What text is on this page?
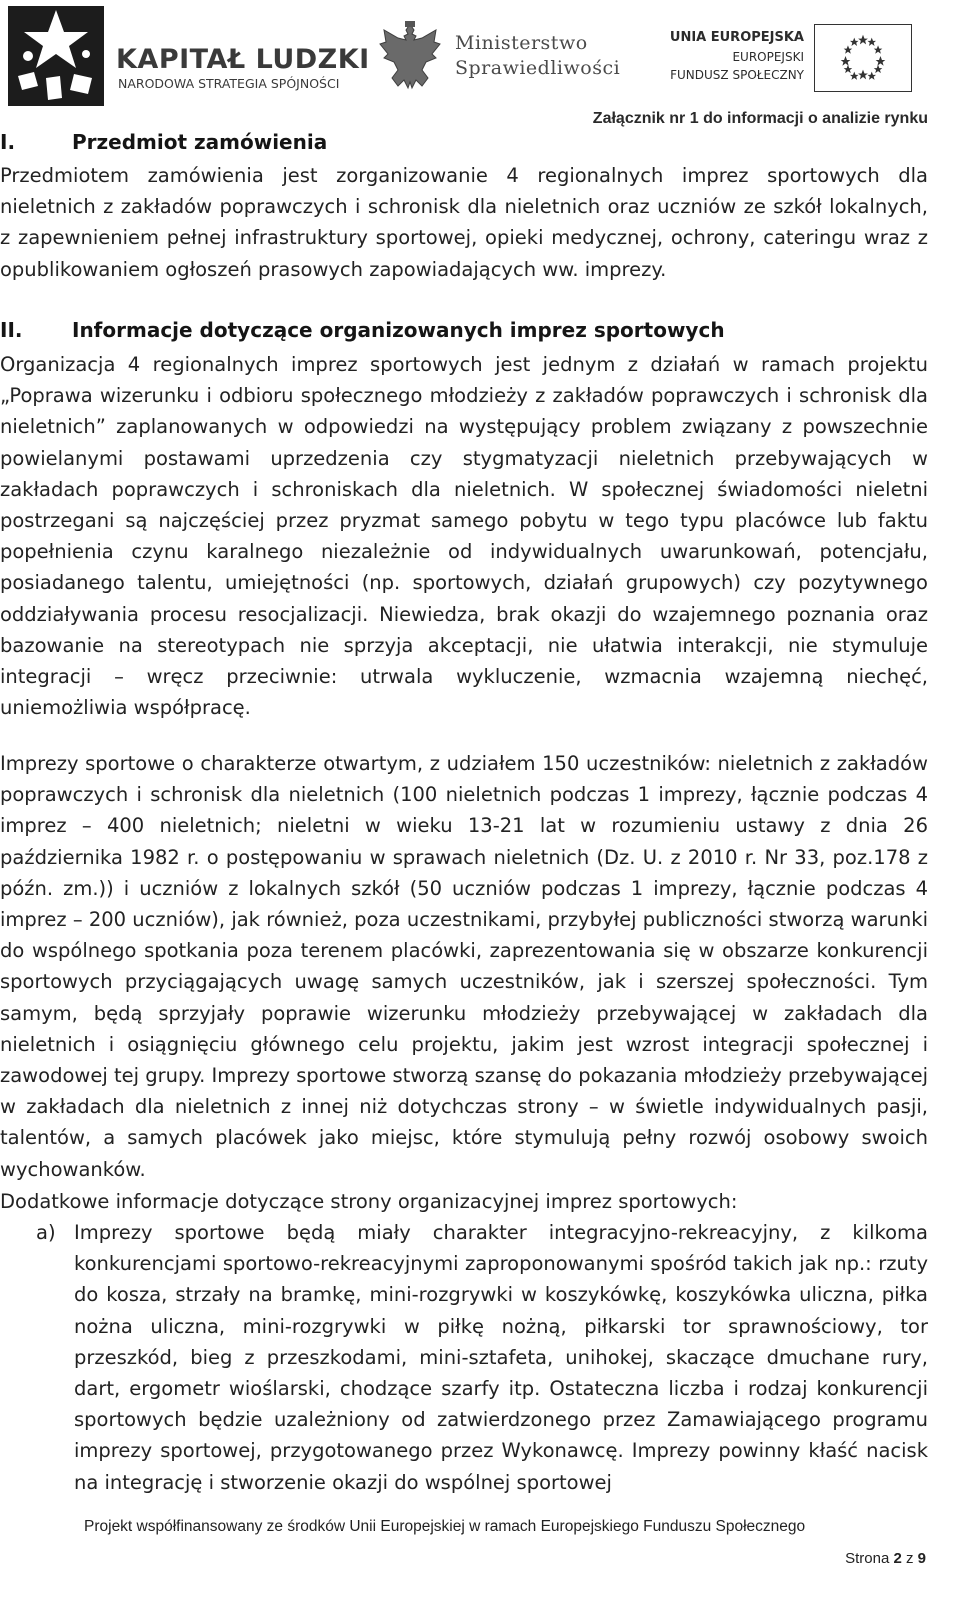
KAPITAŁ LUDZKI
NARODOWA STRATEGIA SPÓJNOŚCI
Ministerstwo
Sprawiedliwości
UNIA EUROPEJSKA
EUROPEJSKI
FUNDUSZ SPOŁECZNY
Załącznik nr 1 do informacji o analizie rynku
I.	Przedmiot zamówienia

Przedmiotem zamówienia jest zorganizowanie 4 regionalnych imprez sportowych dla nieletnich z zakładów poprawczych i schronisk dla nieletnich oraz uczniów ze szkół lokalnych, z zapewnieniem pełnej infrastruktury sportowej, opieki medycznej, ochrony, cateringu wraz z opublikowaniem ogłoszeń prasowych zapowiadających ww. imprezy.

II. Informacje dotyczące organizowanych imprez sportowych

Organizacja 4 regionalnych imprez sportowych jest jednym z działań w ramach projektu „Poprawa wizerunku i odbioru społecznego młodzieży z zakładów poprawczych i schronisk dla nieletnich” zaplanowanych w odpowiedzi na występujący problem związany z powszechnie powielanymi postawami uprzedzenia czy stygmatyzacji nieletnich przebywających w zakładach poprawczych i schroniskach dla nieletnich. W społecznej świadomości nieletni postrzegani są najczęściej przez pryzmat samego pobytu w tego typu placówce lub faktu popełnienia czynu karalnego niezależnie od indywidualnych uwarunkowań, potencjału, posiadanego talentu, umiejętności (np. sportowych, działań grupowych) czy pozytywnego oddziaływania procesu resocjalizacji. Niewiedza, brak okazji do wzajemnego poznania oraz bazowanie na stereotypach nie sprzyja akceptacji, nie ułatwia interakcji, nie stymuluje integracji – wręcz przeciwnie: utrwala wykluczenie, wzmacnia wzajemną niechęć, uniemożliwia współpracę.

Imprezy sportowe o charakterze otwartym, z udziałem 150 uczestników: nieletnich z zakładów poprawczych i schronisk dla nieletnich (100 nieletnich podczas 1 imprezy, łącznie podczas 4 imprez – 400 nieletnich; nieletni w wieku 13-21 lat w rozumieniu ustawy z dnia 26 października 1982 r. o postępowaniu w sprawach nieletnich (Dz. U. z 2010 r. Nr 33, poz.178 z późn. zm.)) i uczniów z lokalnych szkół (50 uczniów podczas 1 imprezy, łącznie podczas 4 imprez – 200 uczniów), jak również, poza uczestnikami, przybyłej publiczności stworzą warunki do wspólnego spotkania poza terenem placówki, zaprezentowania się w obszarze konkurencji sportowych przyciągających uwagę samych uczestników, jak i szerszej społeczności. Tym samym, będą sprzyjały poprawie wizerunku młodzieży przebywającej w zakładach dla nieletnich i osiągnięciu głównego celu projektu, jakim jest wzrost integracji społecznej i zawodowej tej grupy. Imprezy sportowe stworzą szansę do pokazania młodzieży przebywającej w zakładach dla nieletnich z innej niż dotychczas strony – w świetle indywidualnych pasji, talentów, a samych placówek jako miejsc, które stymulują pełny rozwój osobowy swoich wychowanków.

Dodatkowe informacje dotyczące strony organizacyjnej imprez sportowych:

a) Imprezy sportowe będą miały charakter integracyjno-rekreacyjny, z kilkoma konkurencjami sportowo-rekreacyjnymi zaproponowanymi spośród takich jak np.: rzuty do kosza, strzały na bramkę, mini-rozgrywki w koszykówkę, koszykówka uliczna, piłka nożna uliczna, mini-rozgrywki w piłkę nożną, piłkarski tor sprawnościowy, tor przeszkód, bieg z przeszkodami, mini-sztafeta, unihokej, skaczące dmuchane rury, dart, ergometr wioślarski, chodzące szarfy itp. Ostateczna liczba i rodzaj konkurencji sportowych będzie uzależniony od zatwierdzonego przez Zamawiającego programu imprezy sportowej, przygotowanego przez Wykonawcę. Imprezy powinny kłaść nacisk na integrację i stworzenie okazji do wspólnej sportowej

Projekt współfinansowany ze środków Unii Europejskiej w ramach Europejskiego Funduszu Społecznego
Strona 2 z 9
